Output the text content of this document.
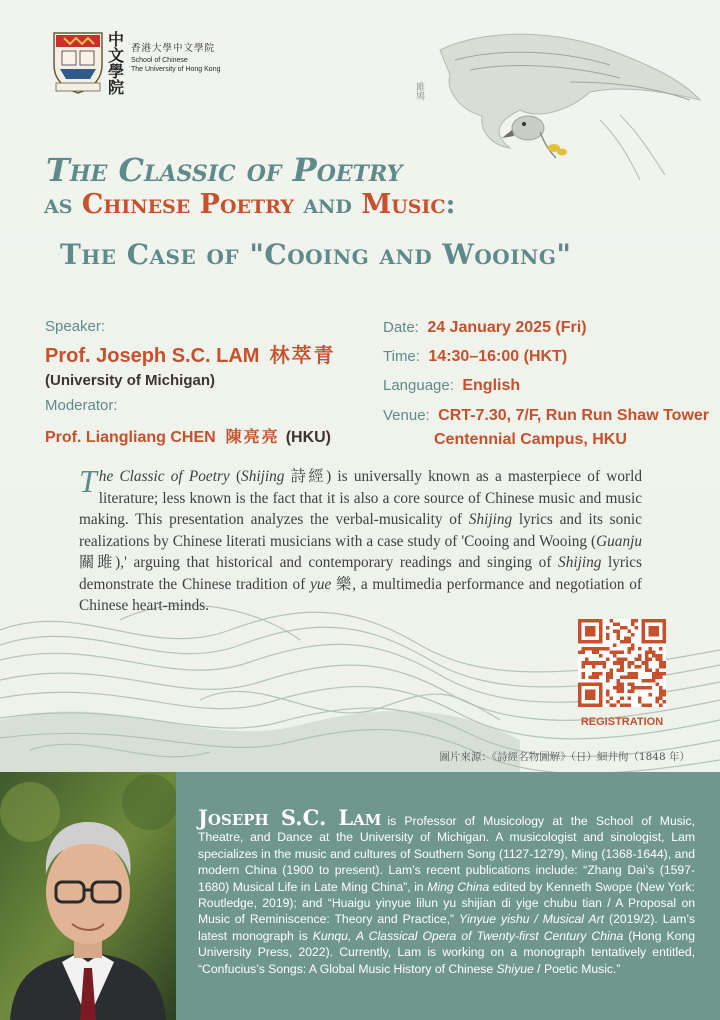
雎鳩
中文學院
香港大學中文學院
School of Chinese
The University of Hong Kong
The Classic of Poetry
as Chinese Poetry and Music:
The Case of "Cooing and Wooing"
Speaker:
Prof. Joseph S.C. LAM 林萃青
(University of Michigan)
Moderator:
Prof. Liangliang CHEN 陳亮亮 (HKU)
Date: 24 January 2025 (Fri)
Time: 14:30–16:00 (HKT)
Language: English
Venue: CRT-7.30, 7/F, Run Run Shaw Tower
Centennial Campus, HKU
The Classic of Poetry (Shijing 詩經) is universally known as a masterpiece of world literature; less known is the fact that it is also a core source of Chinese music and music making. This presentation analyzes the verbal-musicality of Shijing lyrics and its sonic realizations by Chinese literati musicians with a case study of 'Cooing and Wooing (Guanju 關雎),' arguing that historical and contemporary readings and singing of Shijing lyrics demonstrate the Chinese tradition of yue 樂, a multimedia performance and negotiation of Chinese heart-minds.
REGISTRATION
圖片來源：《詩經名物圖解》（日）細井徇（1848 年）
Joseph S.C. Lam is Professor of Musicology at the School of Music, Theatre, and Dance at the University of Michigan. A musicologist and sinologist, Lam specializes in the music and cultures of Southern Song (1127-1279), Ming (1368-1644), and modern China (1900 to present). Lam’s recent publications include: “Zhang Dai’s (1597-1680) Musical Life in Late Ming China”, in Ming China edited by Kenneth Swope (New York: Routledge, 2019); and “Huaigu yinyue lilun yu shijian di yige chubu tian / A Proposal on Music of Reminiscence: Theory and Practice,” Yinyue yishu / Musical Art (2019/2). Lam’s latest monograph is Kunqu, A Classical Opera of Twenty-first Century China (Hong Kong University Press, 2022). Currently, Lam is working on a monograph tentatively entitled, “Confucius’s Songs: A Global Music History of Chinese Shiyue / Poetic Music.”
